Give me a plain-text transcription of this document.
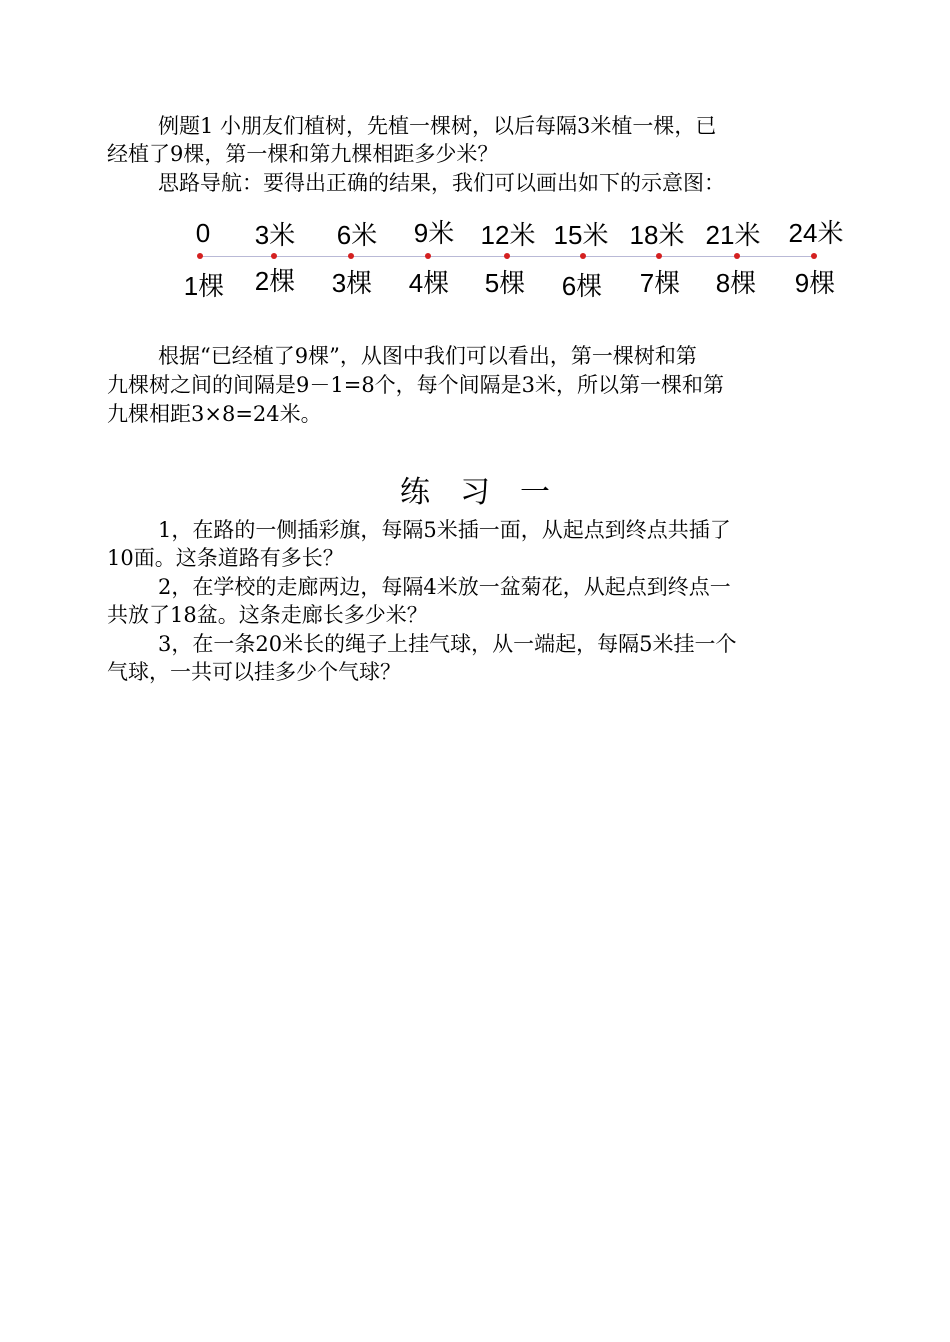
例题1 小朋友们植树，先植一棵树，以后每隔3米植一棵，已

经植了9棵，第一棵和第九棵相距多少米？

思路导航：要得出正确的结果，我们可以画出如下的示意图：

0 3米 6米 9米 12米 15米 18米 21米 24米
1棵 2棵 3棵 4棵 5棵 6棵 7棵 8棵 9棵

根据“已经植了9棵”，从图中我们可以看出，第一棵树和第

九棵树之间的间隔是9－1=8个，每个间隔是3米，所以第一棵和第

九棵相距3×8=24米。

练习一

1，在路的一侧插彩旗，每隔5米插一面，从起点到终点共插了

10面。这条道路有多长？

2，在学校的走廊两边，每隔4米放一盆菊花，从起点到终点一

共放了18盆。这条走廊长多少米？

3，在一条20米长的绳子上挂气球，从一端起，每隔5米挂一个

气球，一共可以挂多少个气球？
